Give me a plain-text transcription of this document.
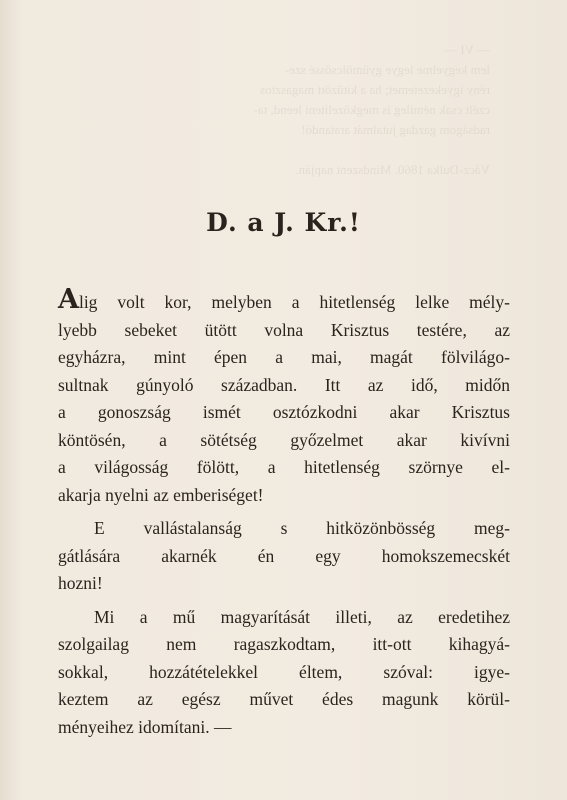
— VI —
lem kegyelme legye gyümölcsössé sze-
rény igyekezetemet; ha a kitűzött magasztos
czélt csak némileg is megközelíteni leend, ta-
radságom gazdag jutalmát aratandó!

Vácz-Dulka 1860. Mindszent napján.
D. a J. Kr.!

Alig volt kor, melyben a hitetlenség lelke mély-
lyebb sebeket ütött volna Krisztus testére, az
egyházra, mint épen a mai, magát fölvilágo-
sultnak gúnyoló században. Itt az idő, midőn
a gonoszság ismét osztózkodni akar Krisztus
köntösén, a sötétség győzelmet akar kivívni
a világosság fölött, a hitetlenség szörnye el-
akarja nyelni az emberiséget!

E vallástalanság s hitközönbösség meg-
gátlására akarnék én egy homokszemecskét
hozni!

Mi a mű magyarítását illeti, az eredetihez
szolgailag nem ragaszkodtam, itt-ott kihagyá-
sokkal, hozzátételekkel éltem, szóval: igye-
keztem az egész művet édes magunk körül-
ményeihez idomítani. —
